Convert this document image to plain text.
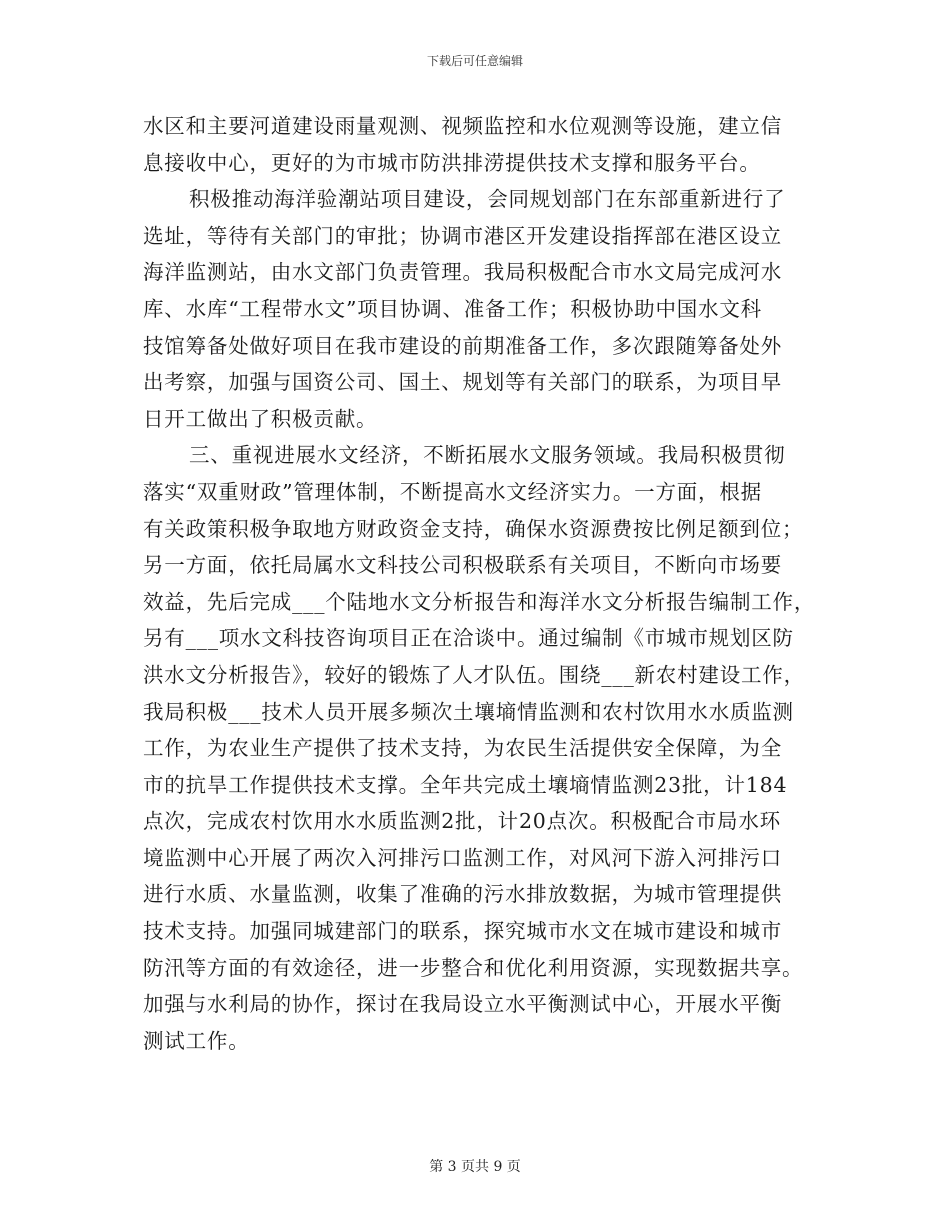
下载后可任意编辑
水区和主要河道建设雨量观测、视频监控和水位观测等设施，建立信
息接收中心，更好的为市城市防洪排涝提供技术支撑和服务平台。
积极推动海洋验潮站项目建设，会同规划部门在东部重新进行了
选址，等待有关部门的审批；协调市港区开发建设指挥部在港区设立
海洋监测站，由水文部门负责管理。我局积极配合市水文局完成河水
库、水库“工程带水文”项目协调、准备工作；积极协助中国水文科
技馆筹备处做好项目在我市建设的前期准备工作，多次跟随筹备处外
出考察，加强与国资公司、国土、规划等有关部门的联系，为项目早
日开工做出了积极贡献。
三、重视进展水文经济，不断拓展水文服务领域。我局积极贯彻
落实“双重财政”管理体制，不断提高水文经济实力。一方面，根据
有关政策积极争取地方财政资金支持，确保水资源费按比例足额到位；
另一方面，依托局属水文科技公司积极联系有关项目，不断向市场要
效益，先后完成___个陆地水文分析报告和海洋水文分析报告编制工作，
另有___项水文科技咨询项目正在洽谈中。通过编制《市城市规划区防
洪水文分析报告》，较好的锻炼了人才队伍。围绕___新农村建设工作，
我局积极___技术人员开展多频次土壤墒情监测和农村饮用水水质监测
工作，为农业生产提供了技术支持，为农民生活提供安全保障，为全
市的抗旱工作提供技术支撑。全年共完成土壤墒情监测23批，计184
点次，完成农村饮用水水质监测2批，计20点次。积极配合市局水环
境监测中心开展了两次入河排污口监测工作，对风河下游入河排污口
进行水质、水量监测，收集了准确的污水排放数据，为城市管理提供
技术支持。加强同城建部门的联系，探究城市水文在城市建设和城市
防汛等方面的有效途径，进一步整合和优化利用资源，实现数据共享。
加强与水利局的协作，探讨在我局设立水平衡测试中心，开展水平衡
测试工作。
第 3 页共 9 页
